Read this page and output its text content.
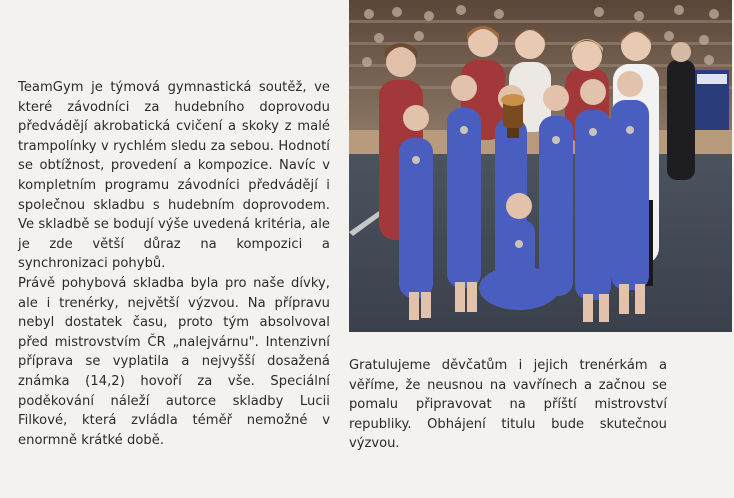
TeamGym je týmová gymnastická soutěž, ve které závodníci za hudebního doprovodu předvádějí akrobatická cvičení a skoky z malé trampolínky v rychlém sledu za sebou. Hodnotí se obtížnost, provedení a kompozice. Navíc v kompletním programu závodníci předvádějí i společnou skladbu s hudebním doprovodem. Ve skladbě se bodují výše uvedená kritéria, ale je zde větší důraz na kompozici a synchronizaci pohybů.

Právě pohybová skladba byla pro naše dívky, ale i trenérky, největší výzvou. Na přípravu nebyl dostatek času, proto tým absolvoval před mistrovstvím ČR „nalejvárnu". Intenzivní příprava se vyplatila a nejvyšší dosažená známka (14,2) hovoří za vše. Speciální poděkování náleží autorce skladby Lucii Filkové, která zvládla téměř nemožné v enormně krátké době.

Gratulujeme děvčatům i jejich trenérkám a věříme, že neusnou na vavřínech a začnou se pomalu připravovat na příští mistrovství republiky. Obhájení titulu bude skutečnou výzvou.
